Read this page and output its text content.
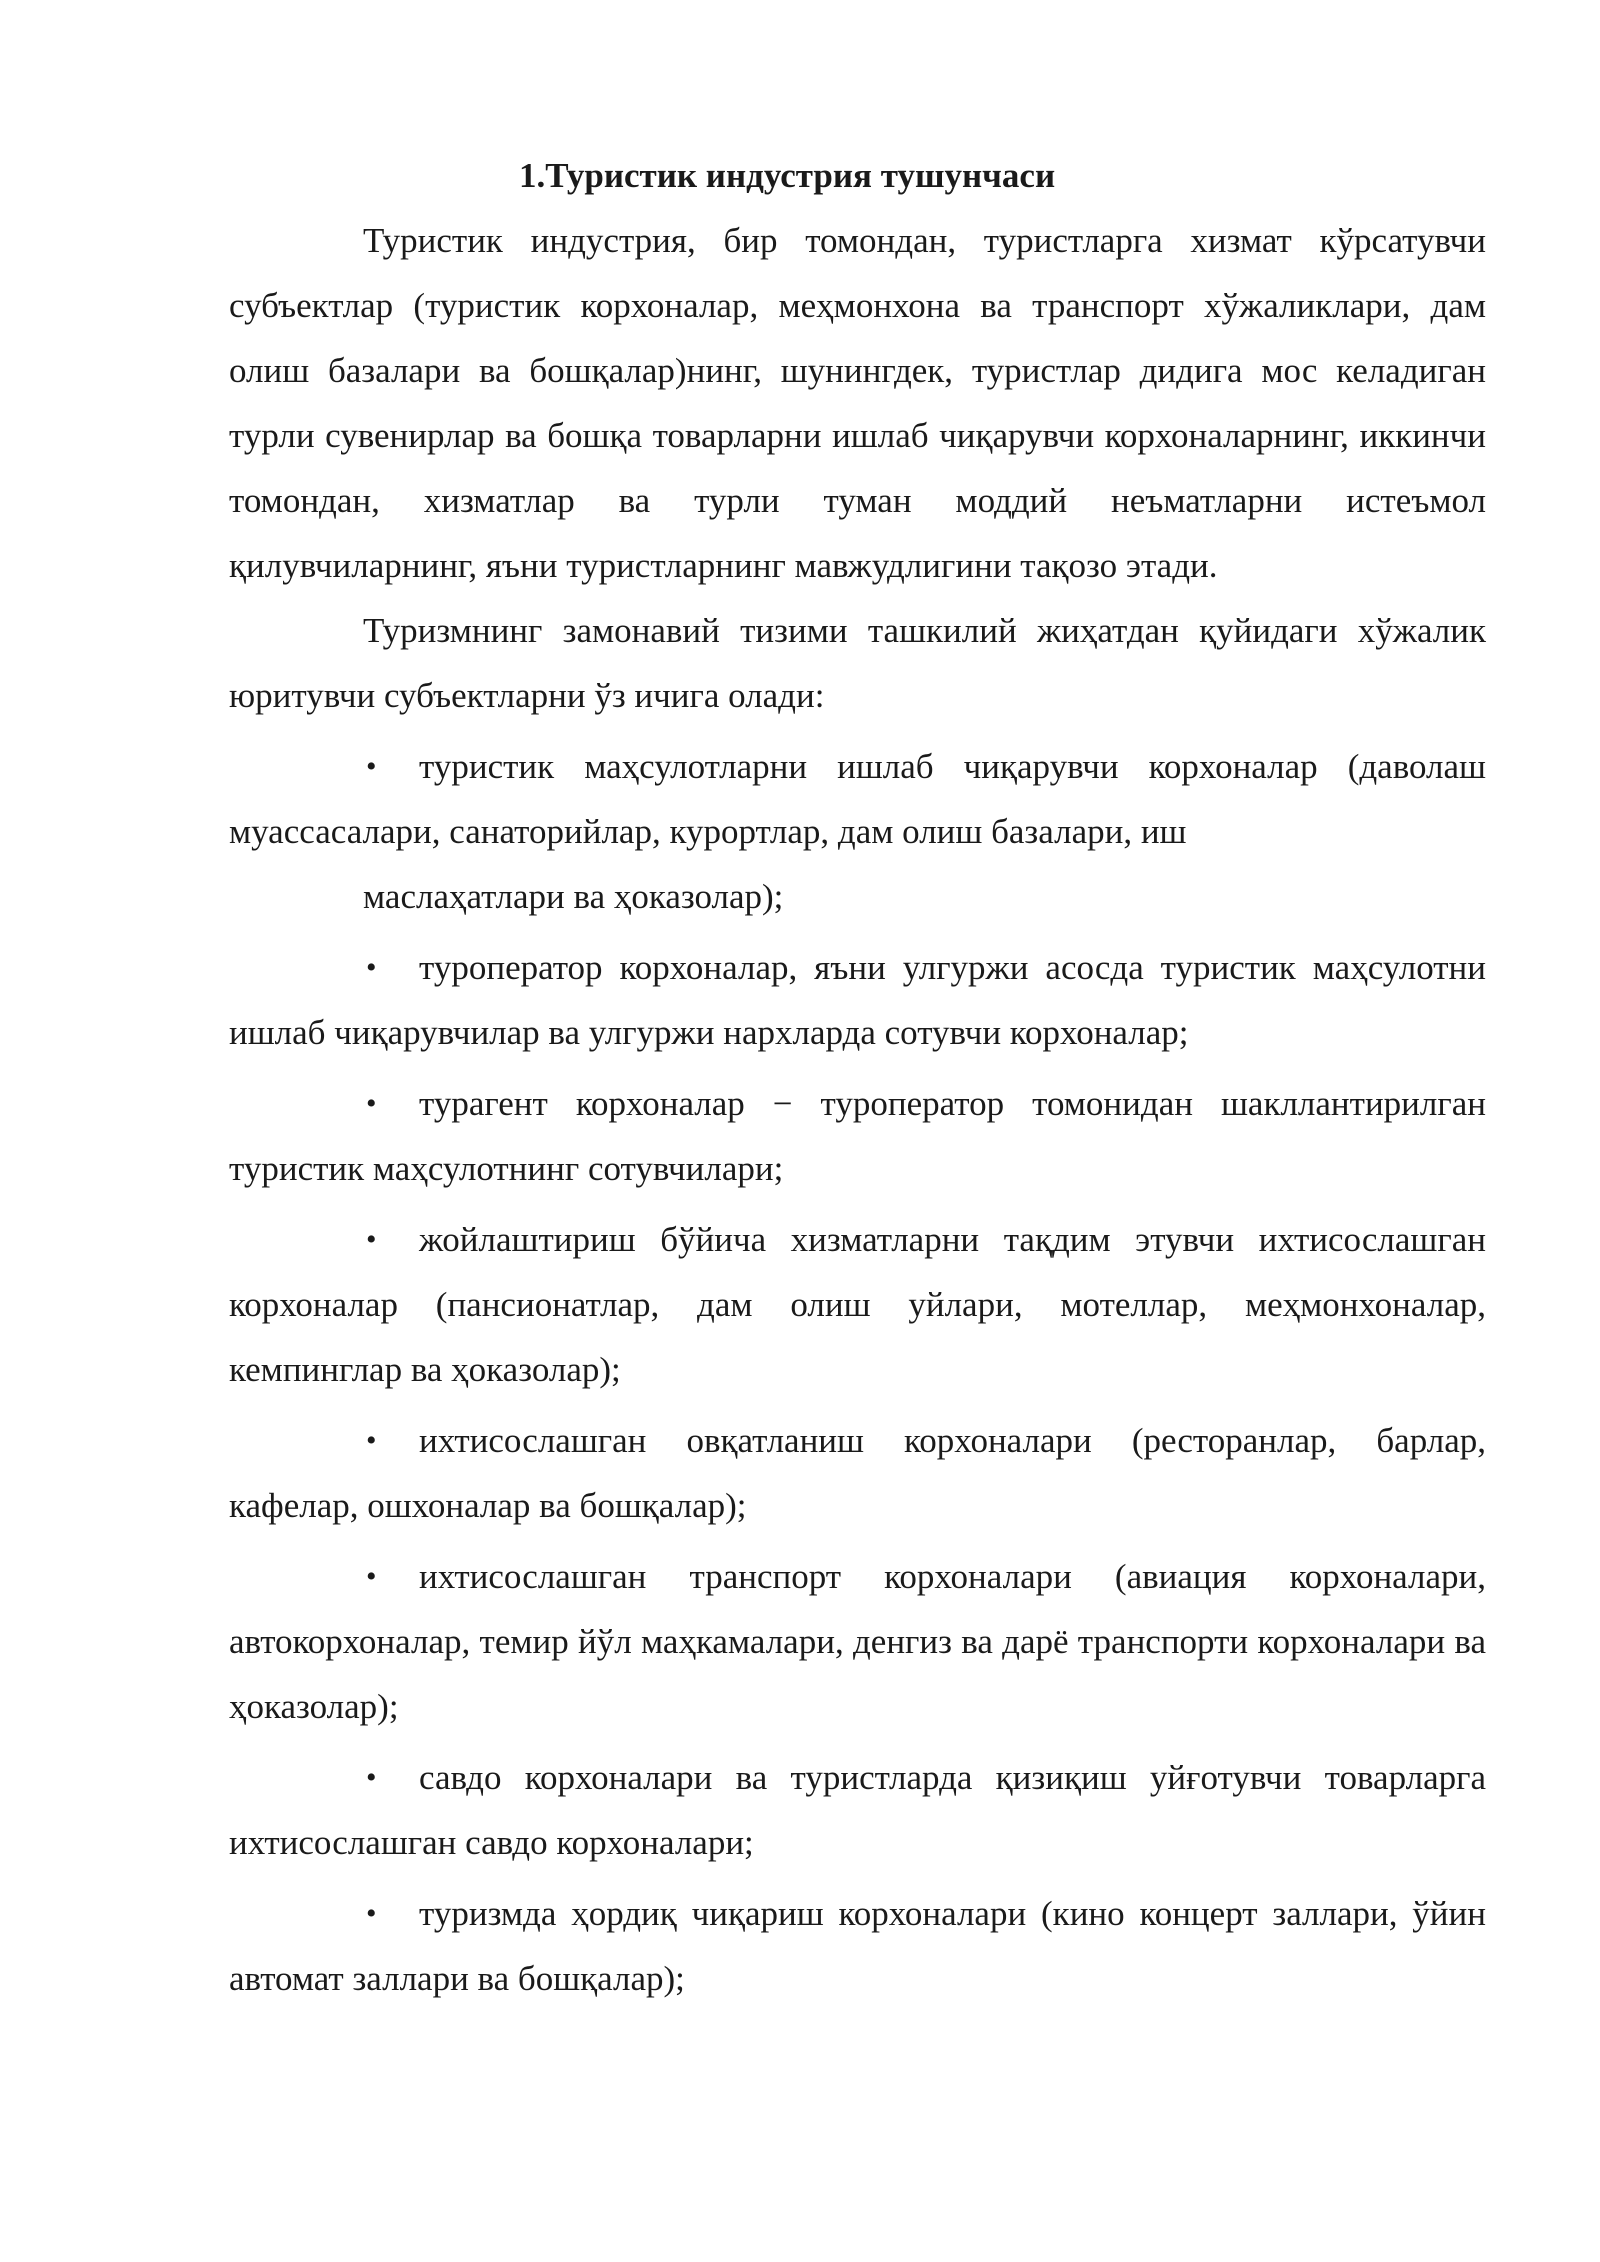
1.Туристик индустрия тушунчаси

Туристик индустрия, бир томондан, туристларга хизмат кўрсатувчи субъектлар (туристик корхоналар, меҳмонхона ва транспорт хўжаликлари, дам олиш базалари ва бошқалар)нинг, шунингдек, туристлар дидига мос келадиган турли сувенирлар ва бошқа товарларни ишлаб чиқарувчи корхоналарнинг, иккинчи томондан, хизматлар ва турли туман моддий неъматларни истеъмол қилувчиларнинг, яъни туристларнинг мавжудлигини тақозо этади.

Туризмнинг замонавий тизими ташкилий жиҳатдан қуйидаги хўжалик юритувчи субъектларни ўз ичига олади:

•	туристик маҳсулотларни ишлаб чиқарувчи корхоналар (даволаш муассасалари, санаторийлар, курортлар, дам олиш базалари, иш
маслаҳатлари ва ҳоказолар);
• туроператор корхоналар, яъни улгуржи асосда туристик маҳсулотни ишлаб чиқарувчилар ва улгуржи нархларда сотувчи корхоналар;
• турагент корхоналар − туроператор томонидан шакллантирилган туристик маҳсулотнинг сотувчилари;
• жойлаштириш бўйича хизматларни тақдим этувчи ихтисослашган корхоналар (пансионатлар, дам олиш уйлари, мотеллар, меҳмонхоналар, кемпинглар ва ҳоказолар);
• ихтисослашган овқатланиш корхоналари (ресторанлар, барлар, кафелар, ошхоналар ва бошқалар);
• ихтисослашган транспорт корхоналари (авиация корхоналари, автокорхоналар, темир йўл маҳкамалари, денгиз ва дарё транспорти корхоналари ва ҳоказолар);
• савдо корхоналари ва туристларда қизиқиш уйғотувчи товарларга ихтисослашган савдо корхоналари;
• туризмда ҳордиқ чиқариш корхоналари (кино концерт заллари, ўйин автомат заллари ва бошқалар);
